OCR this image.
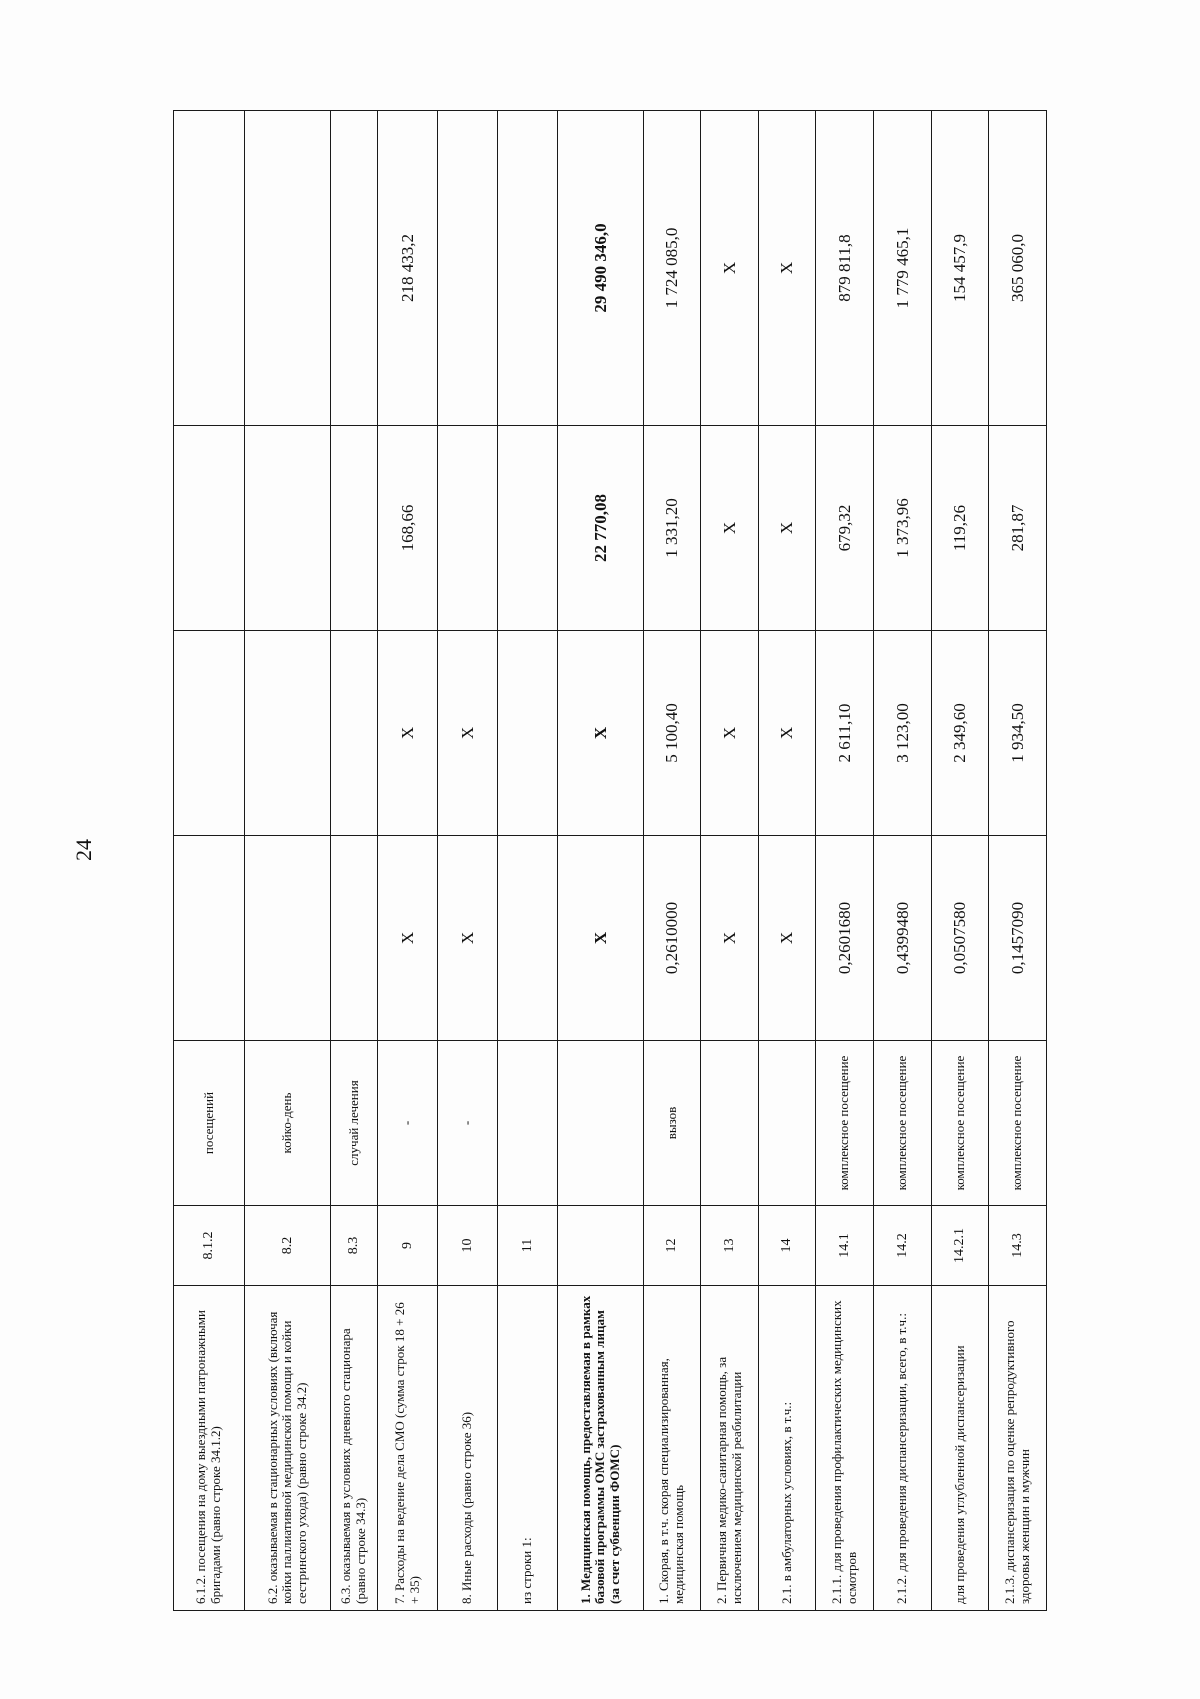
24
6.1.2. посещения на дому выездными патронажными бригадами (равно строке 34.1.2)	8.1.2	посещений				
6.2. оказываемая в стационарных условиях (включая койки паллиативной медицинской помощи и койки сестринского ухода) (равно строке 34.2)	8.2	койко-день				
6.3. оказываемая в условиях дневного стационара (равно строке 34.3)	8.3	случай лечения				
7. Расходы на ведение дела СМО (сумма строк 18 + 26 + 35)	9	-	X	X	168,66	218 433,2
8. Иные расходы (равно строке 36)	10	-	X	X		
из строки 1:	11					
1. Медицинская помощь, предоставляемая в рамках базовой программы ОМС застрахованным лицам (за счет субвенции ФОМС)			X	X	22 770,08	29 490 346,0
1. Скорая, в т.ч. скорая специализированная, медицинская помощь	12	вызов	0,2610000	5 100,40	1 331,20	1 724 085,0
2. Первичная медико-санитарная помощь, за исключением медицинской реабилитации	13		X	X	X	X
2.1. в амбулаторных условиях, в т.ч.:	14		X	X	X	X
2.1.1. для проведения профилактических медицинских осмотров	14.1	комплексное посещение	0,2601680	2 611,10	679,32	879 811,8
2.1.2. для проведения диспансеризации, всего, в т.ч.:	14.2	комплексное посещение	0,4399480	3 123,00	1 373,96	1 779 465,1
для проведения углубленной диспансеризации	14.2.1	комплексное посещение	0,0507580	2 349,60	119,26	154 457,9
2.1.3. диспансеризация по оценке репродуктивного здоровья женщин и мужчин	14.3	комплексное посещение	0,1457090	1 934,50	281,87	365 060,0
